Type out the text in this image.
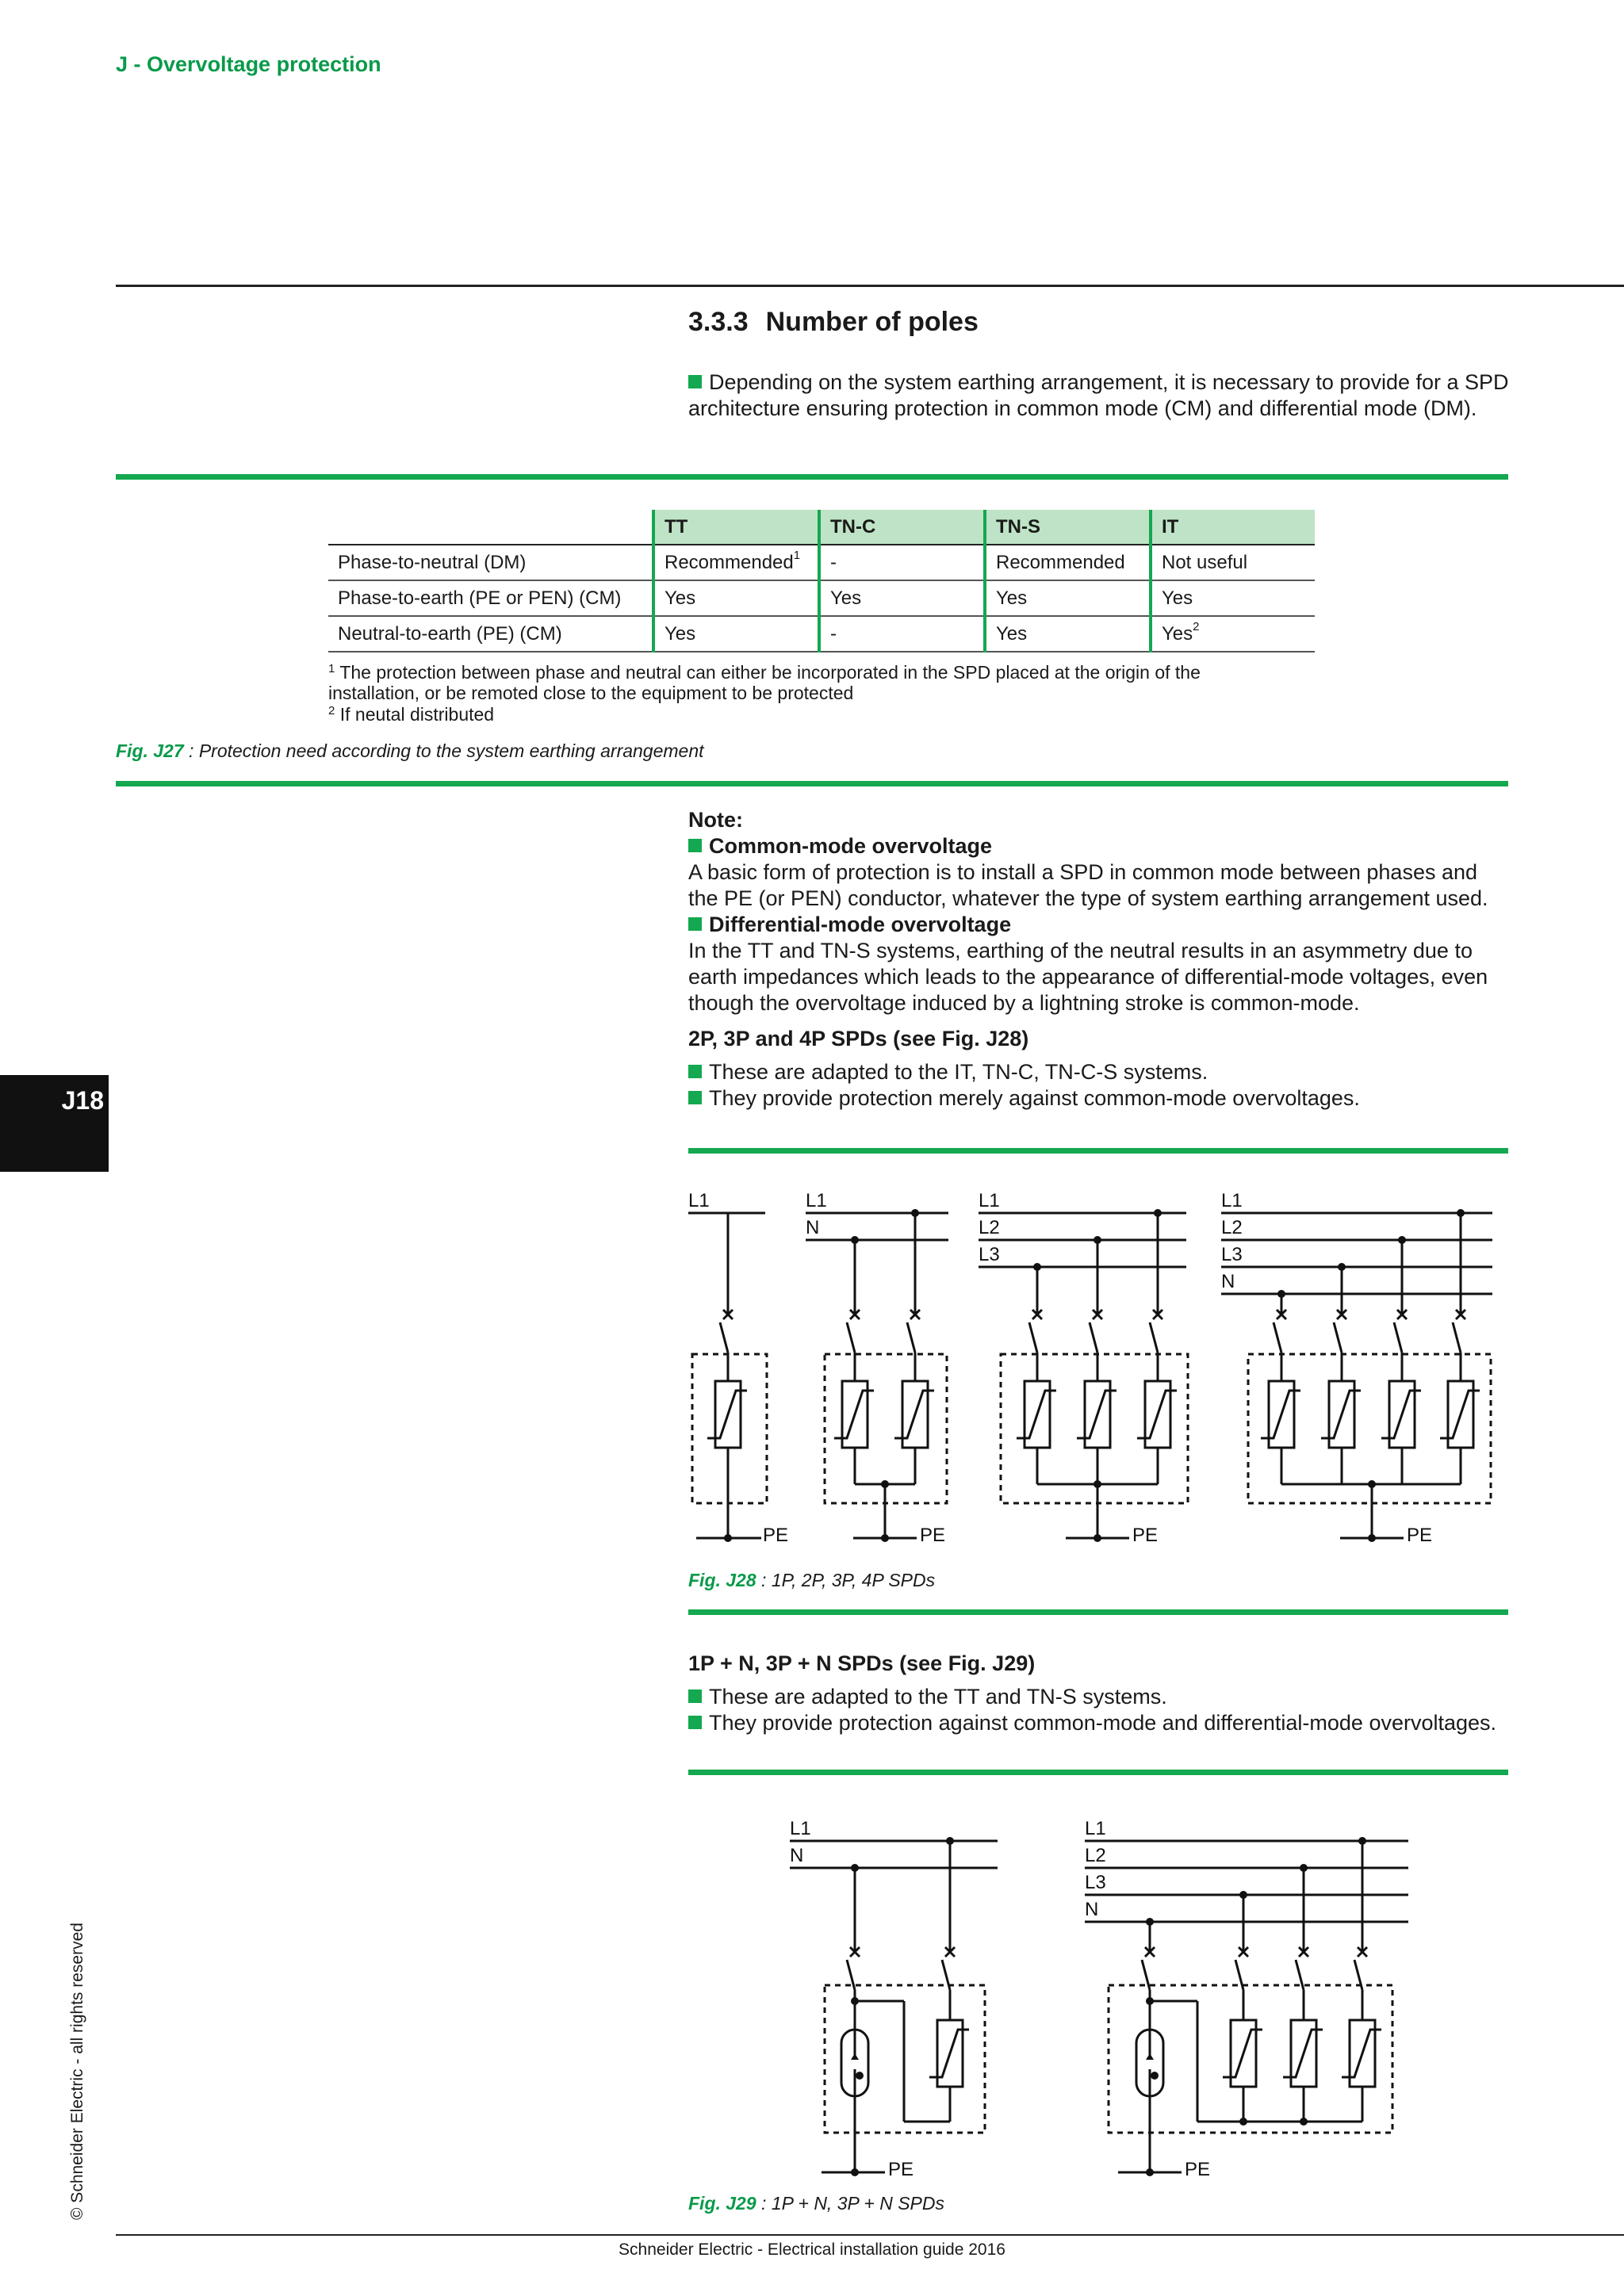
J - Overvoltage protection
3.3.3 Number of poles
Depending on the system earthing arrangement, it is necessary to provide for a SPD architecture ensuring protection in common mode (CM) and differential mode (DM).
	TT	TN-C	TN-S	IT
Phase-to-neutral (DM)	Recommended$^1$	-	Recommended	Not useful
Phase-to-earth (PE or PEN) (CM)	Yes	Yes	Yes	Yes
Neutral-to-earth (PE) (CM)	Yes	-	Yes	Yes$^2$
$^1$ The protection between phase and neutral can either be incorporated in the SPD placed at the origin of the installation, or be remoted close to the equipment to be protected
$^2$ If neutal distributed
Fig. J27 : Protection need according to the system earthing arrangement
Note:
Common-mode overvoltage
A basic form of protection is to install a SPD in common mode between phases and the PE (or PEN) conductor, whatever the type of system earthing arrangement used.
Differential-mode overvoltage
In the TT and TN-S systems, earthing of the neutral results in an asymmetry due to earth impedances which leads to the appearance of differential-mode voltages, even though the overvoltage induced by a lightning stroke is common-mode.
2P, 3P and 4P SPDs (see Fig. J28)
These are adapted to the IT, TN-C, TN-C-S systems.
They provide protection merely against common-mode overvoltages.
L1
PE
L1
N
PE
L1
L2
L3
PE
L1
L2
L3
N
PE
L1
N
PE
L1
L2
L3
N
PE
Fig. J28 : 1P, 2P, 3P, 4P SPDs
1P + N, 3P + N SPDs (see Fig. J29)
These are adapted to the TT and TN-S systems.
They provide protection against common-mode and differential-mode overvoltages.
Fig. J29 : 1P + N, 3P + N SPDs
J18
© Schneider Electric - all rights reserved
Schneider Electric - Electrical installation guide 2016
